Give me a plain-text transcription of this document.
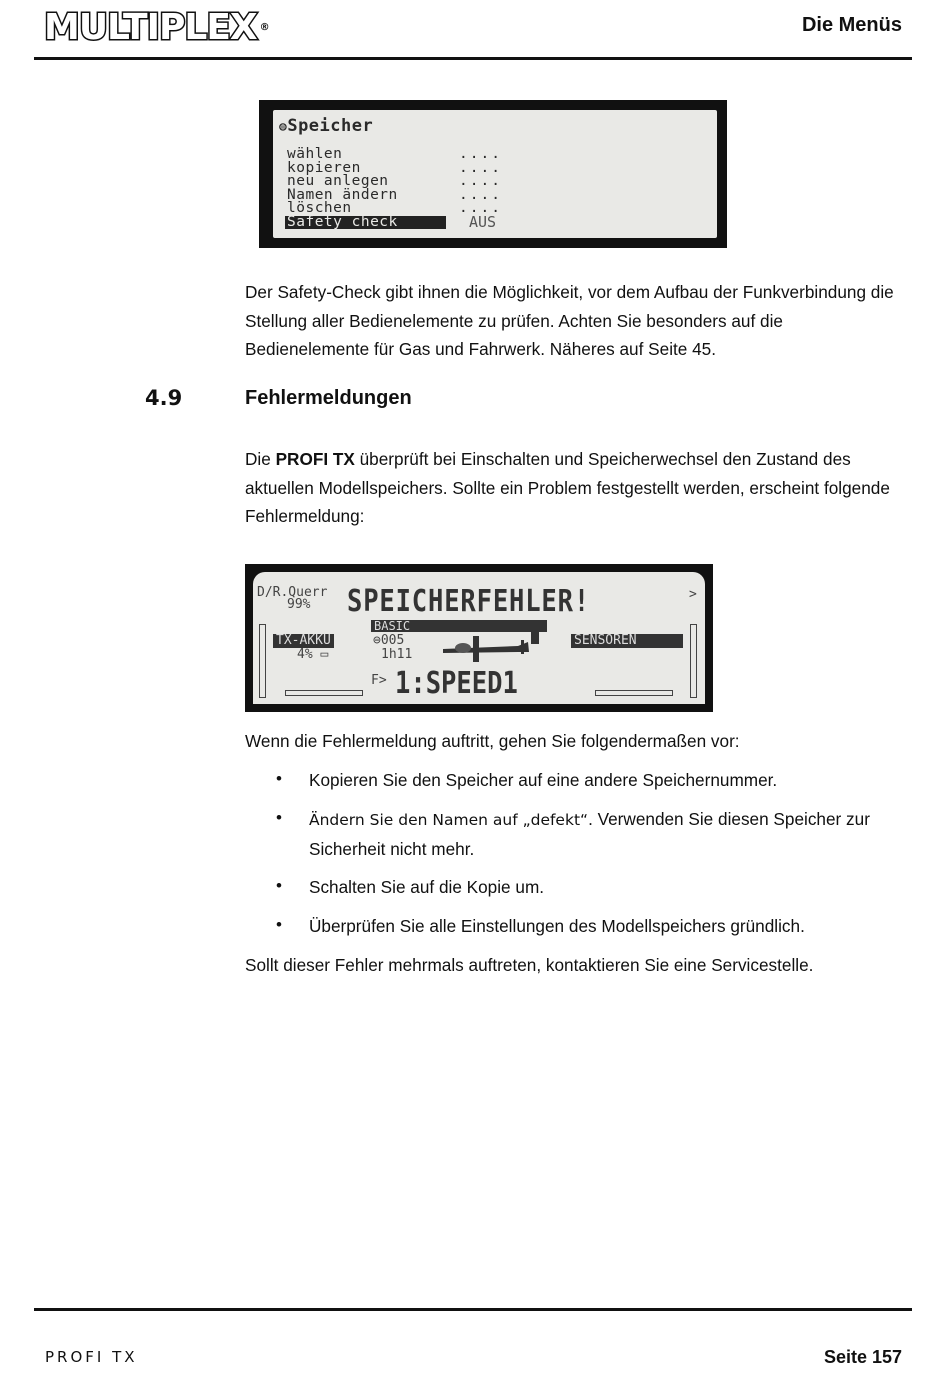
MULTIPLEX ®	Die Menüs
⊜Speicher
wählen
kopieren
neu anlegen
Namen ändern
löschen
Safety check
....
....
....
....
....
AUS
Der Safety-Check gibt ihnen die Möglichkeit, vor dem Aufbau der Funkverbindung die Stellung aller Bedienelemente zu prüfen. Achten Sie besonders auf die Bedienelemente für Gas und Fahrwerk. Näheres auf Seite 45.
4.9	Fehlermeldungen
Die PROFI TX überprüft bei Einschalten und Speicherwechsel den Zustand des aktuellen Modellspeichers. Sollte ein Problem festgestellt werden, erscheint folgende Fehlermeldung:
D/R.Querr
99% SPEICHERFEHLER!	>
BASIC
TX-AKKU
4% ▭
⊜005
1h11
SENSOREN
F> 1:SPEED1
Wenn die Fehlermeldung auftritt, gehen Sie folgendermaßen vor:
• Kopieren Sie den Speicher auf eine andere Speichernummer.
• Ändern Sie den Namen auf „defekt“. Verwenden Sie diesen Speicher zur Sicherheit nicht mehr.
• Schalten Sie auf die Kopie um.
• Überprüfen Sie alle Einstellungen des Modellspeichers gründlich.
Sollt dieser Fehler mehrmals auftreten, kontaktieren Sie eine Servicestelle.
PROFI TX	Seite 157
